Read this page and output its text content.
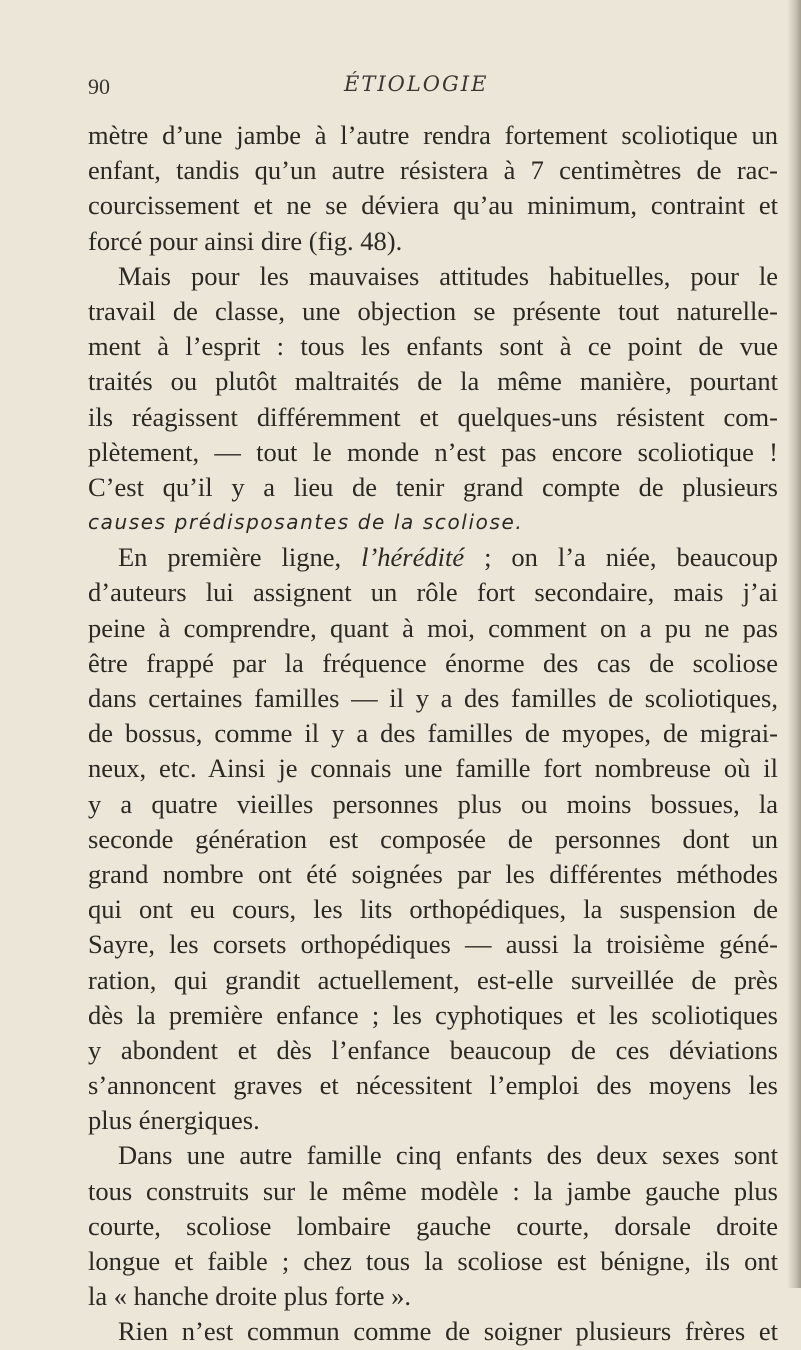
90	ÉTIOLOGIE
mètre d’une jambe à l’autre rendra fortement scoliotique un
enfant, tandis qu’un autre résistera à 7 centimètres de rac-
courcissement et ne se déviera qu’au minimum, contraint et
forcé pour ainsi dire (fig. 48).
Mais pour les mauvaises attitudes habituelles, pour le
travail de classe, une objection se présente tout naturelle-
ment à l’esprit : tous les enfants sont à ce point de vue
traités ou plutôt maltraités de la même manière, pourtant
ils réagissent différemment et quelques-uns résistent com-
plètement, — tout le monde n’est pas encore scoliotique !
C’est qu’il y a lieu de tenir grand compte de plusieurs
causes prédisposantes de la scoliose.
En première ligne, l’hérédité ; on l’a niée, beaucoup
d’auteurs lui assignent un rôle fort secondaire, mais j’ai
peine à comprendre, quant à moi, comment on a pu ne pas
être frappé par la fréquence énorme des cas de scoliose
dans certaines familles — il y a des familles de scoliotiques,
de bossus, comme il y a des familles de myopes, de migrai-
neux, etc. Ainsi je connais une famille fort nombreuse où il
y a quatre vieilles personnes plus ou moins bossues, la
seconde génération est composée de personnes dont un
grand nombre ont été soignées par les différentes méthodes
qui ont eu cours, les lits orthopédiques, la suspension de
Sayre, les corsets orthopédiques — aussi la troisième géné-
ration, qui grandit actuellement, est-elle surveillée de près
dès la première enfance ; les cyphotiques et les scoliotiques
y abondent et dès l’enfance beaucoup de ces déviations
s’annoncent graves et nécessitent l’emploi des moyens les
plus énergiques.
Dans une autre famille cinq enfants des deux sexes sont
tous construits sur le même modèle : la jambe gauche plus
courte, scoliose lombaire gauche courte, dorsale droite
longue et faible ; chez tous la scoliose est bénigne, ils ont
la « hanche droite plus forte ».
Rien n’est commun comme de soigner plusieurs frères et
